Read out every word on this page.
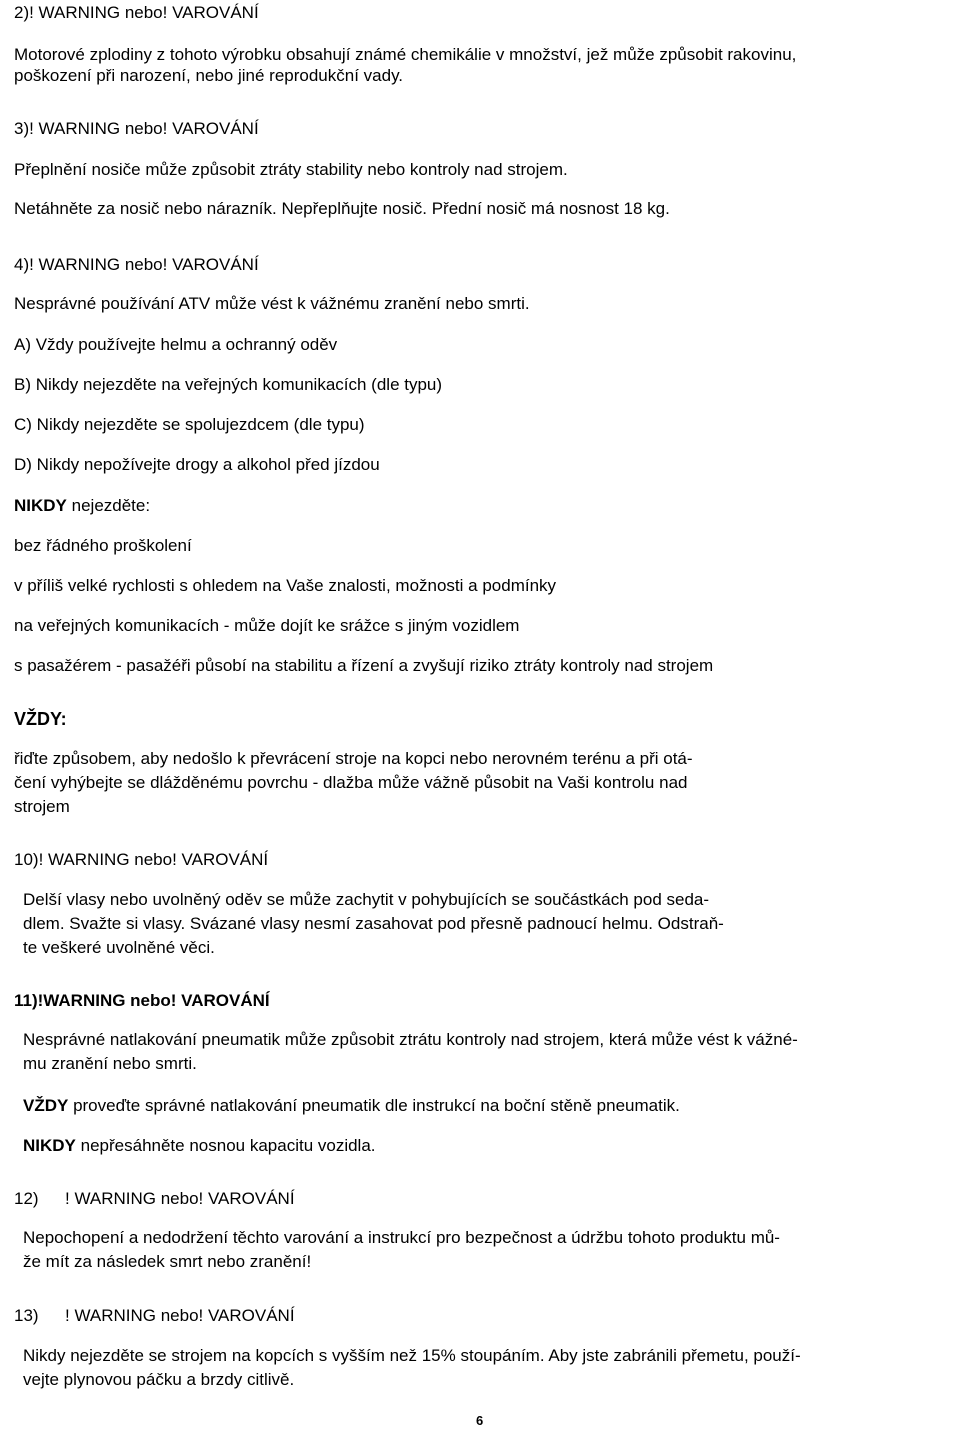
2)! WARNING nebo! VAROVÁNÍ
Motorové zplodiny z tohoto výrobku obsahují známé chemikálie v množství, jež může způsobit rakovinu,
poškození při narození, nebo jiné reprodukční vady.
3)! WARNING nebo! VAROVÁNÍ
Přeplnění nosiče může způsobit ztráty stability nebo kontroly nad strojem.
Netáhněte za nosič nebo nárazník. Nepřeplňujte nosič. Přední nosič má nosnost 18 kg.
4)! WARNING nebo! VAROVÁNÍ
Nesprávné používání ATV může vést k vážnému zranění nebo smrti.
A) Vždy používejte helmu a ochranný oděv
B) Nikdy nejezděte na veřejných komunikacích (dle typu)
C) Nikdy nejezděte se spolujezdcem (dle typu)
D) Nikdy nepožívejte drogy a alkohol před jízdou
NIKDY nejezděte:
bez řádného proškolení
v příliš velké rychlosti s ohledem na Vaše znalosti, možnosti a podmínky
na veřejných komunikacích - může dojít ke srážce s jiným vozidlem
s pasažérem - pasažéři působí na stabilitu a řízení a zvyšují riziko ztráty kontroly nad strojem
VŽDY:
řiďte způsobem, aby nedošlo k převrácení stroje na kopci nebo nerovném terénu a při otá-
čení vyhýbejte se dlážděnému povrchu - dlažba může vážně působit na Vaši kontrolu nad
strojem
10)! WARNING nebo! VAROVÁNÍ
Delší vlasy nebo uvolněný oděv se může zachytit v pohybujících se součástkách pod seda-
dlem. Svažte si vlasy. Svázané vlasy nesmí zasahovat pod přesně padnoucí helmu. Odstraň-
te veškeré uvolněné věci.
11)!WARNING nebo! VAROVÁNÍ
Nesprávné natlakování pneumatik může způsobit ztrátu kontroly nad strojem, která může vést k vážné-
mu zranění nebo smrti.
VŽDY proveďte správné natlakování pneumatik dle instrukcí na boční stěně pneumatik.
NIKDY nepřesáhněte nosnou kapacitu vozidla.
12) ! WARNING nebo! VAROVÁNÍ
Nepochopení a nedodržení těchto varování a instrukcí pro bezpečnost a údržbu tohoto produktu mů-
že mít za následek smrt nebo zranění!
13) ! WARNING nebo! VAROVÁNÍ
Nikdy nejezděte se strojem na kopcích s vyšším než 15% stoupáním. Aby jste zabránili přemetu, použí-
vejte plynovou páčku a brzdy citlivě.
6
